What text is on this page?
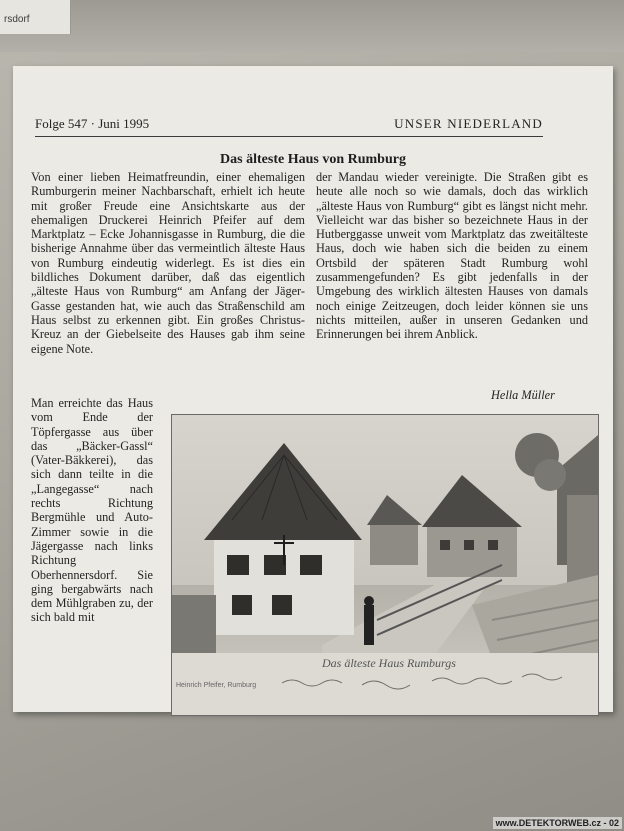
rsdorf
Folge 547 · Juni 1995	UNSER NIEDERLAND
Das älteste Haus von Rumburg

Von einer lieben Heimatfreundin, einer ehemaligen Rumburgerin meiner Nachbarschaft, erhielt ich heute mit großer Freude eine Ansichtskarte aus der ehemaligen Druckerei Heinrich Pfeifer auf dem Marktplatz – Ecke Johannisgasse in Rumburg, die die bisherige Annahme über das vermeintlich älteste Haus von Rumburg eindeutig widerlegt. Es ist dies ein bildliches Dokument darüber, daß das eigentlich „älteste Haus von Rumburg“ am Anfang der Jäger-Gasse gestanden hat, wie auch das Straßenschild am Haus selbst zu erkennen gibt. Ein großes Christus-Kreuz an der Giebelseite des Hauses gab ihm seine eigene Note.

der Mandau wieder vereinigte. Die Straßen gibt es heute alle noch so wie damals, doch das wirklich „älteste Haus von Rumburg“ gibt es längst nicht mehr. Vielleicht war das bisher so bezeichnete Haus in der Hutberggasse unweit vom Marktplatz das zweitälteste Haus, doch wie haben sich die beiden zu einem Ortsbild der späteren Stadt Rumburg wohl zusammengefunden? Es gibt jedenfalls in der Umgebung des wirklich ältesten Hauses von damals noch einige Zeitzeugen, doch leider können sie uns nichts mitteilen, außer in unseren Gedanken und Erinnerungen bei ihrem Anblick.

Hella Müller

Man erreichte das Haus vom Ende der Töpfergasse aus über das „Bäcker-Gassl“ (Vater-Bäkkerei), das sich dann teilte in die „Langegasse“ nach rechts Richtung Bergmühle und Auto-Zimmer sowie in die Jägergasse nach links Richtung Oberhennersdorf. Sie ging bergabwärts nach dem Mühlgraben zu, der sich bald mit

Das älteste Haus Rumburgs
Heinrich Pfeifer, Rumburg
www.DETEKTORWEB.cz - 02
